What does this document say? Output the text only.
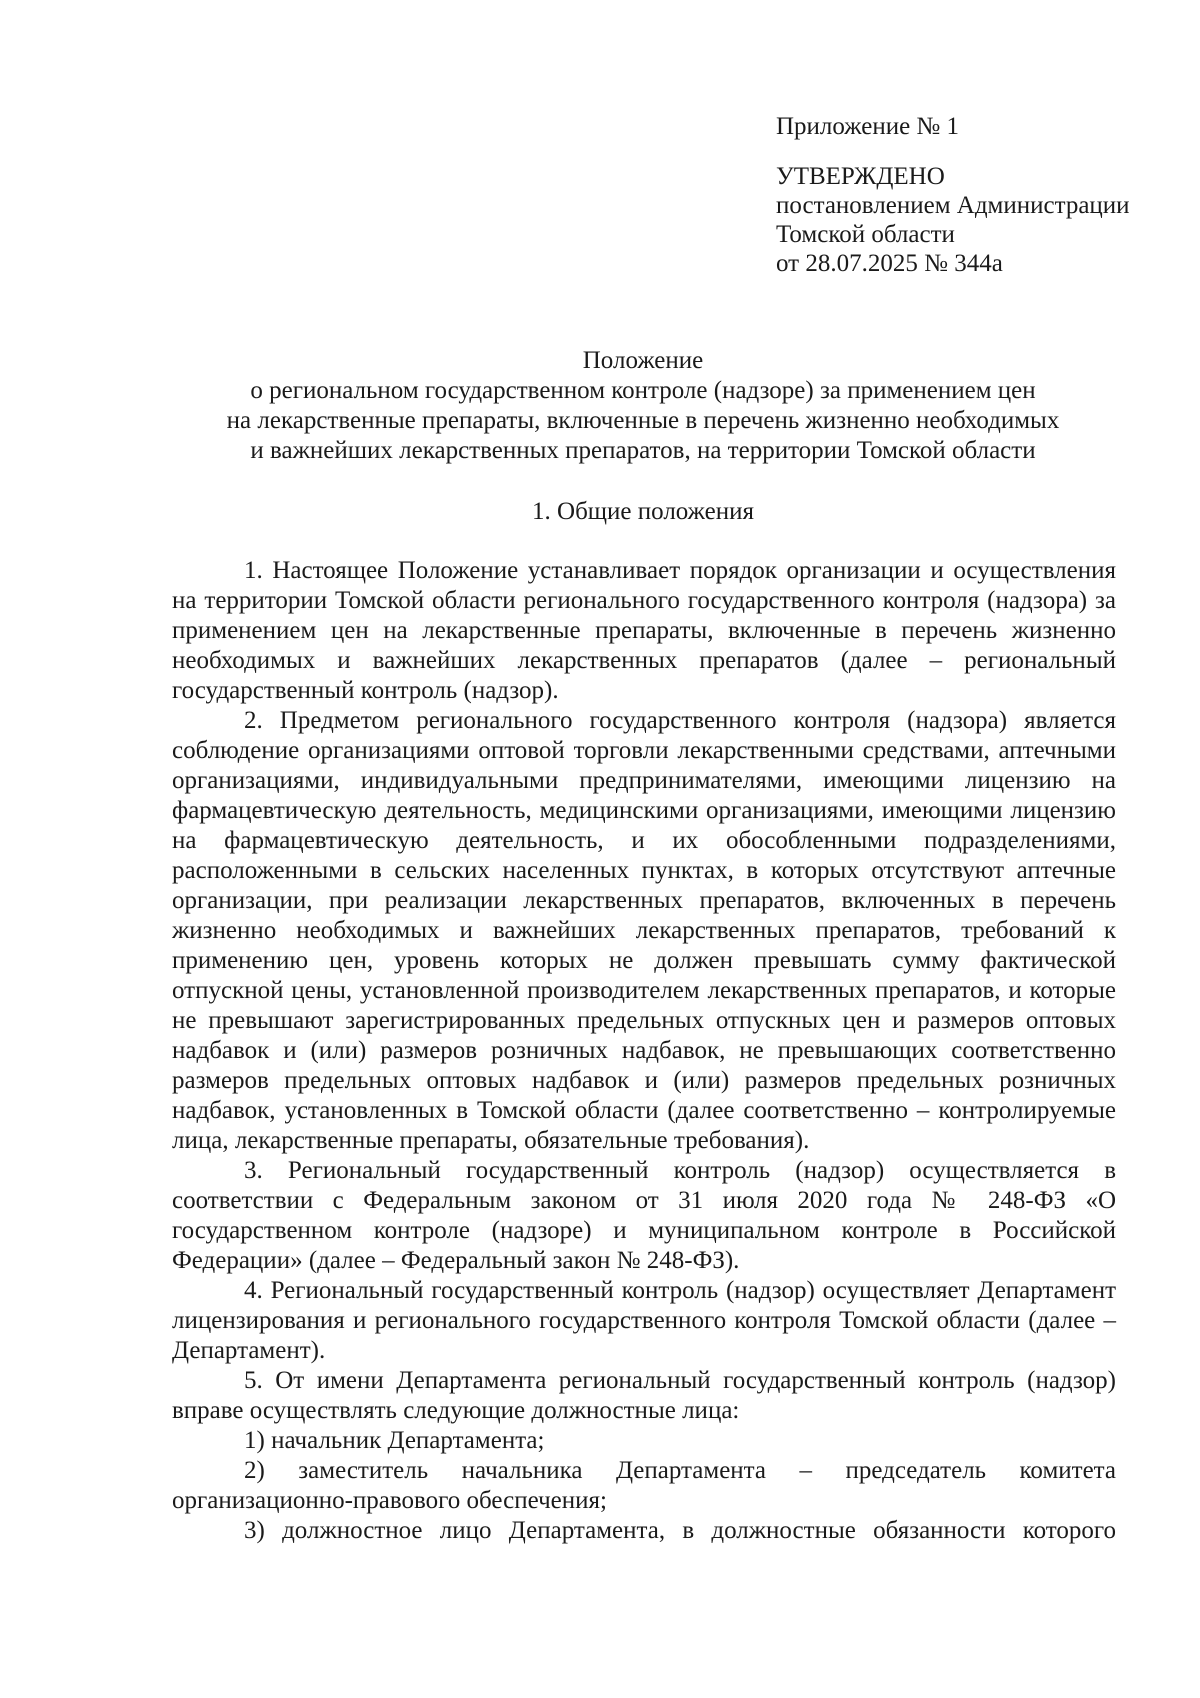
Приложение № 1
УТВЕРЖДЕНО
постановлением Администрации
Томской области
от 28.07.2025 № 344а
Положение
о региональном государственном контроле (надзоре) за применением цен
на лекарственные препараты, включенные в перечень жизненно необходимых
и важнейших лекарственных препаратов, на территории Томской области
1. Общие положения

1. Настоящее Положение устанавливает порядок организации и осуществления на территории Томской области регионального государственного контроля (надзора) за применением цен на лекарственные препараты, включенные в перечень жизненно необходимых и важнейших лекарственных препаратов (далее – региональный государственный контроль (надзор).

2. Предметом регионального государственного контроля (надзора) является соблюдение организациями оптовой торговли лекарственными средствами, аптечными организациями, индивидуальными предпринимателями, имеющими лицензию на фармацевтическую деятельность, медицинскими организациями, имеющими лицензию на фармацевтическую деятельность, и их обособленными подразделениями, расположенными в сельских населенных пунктах, в которых отсутствуют аптечные организации, при реализации лекарственных препаратов, включенных в перечень жизненно необходимых и важнейших лекарственных препаратов, требований к применению цен, уровень которых не должен превышать сумму фактической отпускной цены, установленной производителем лекарственных препаратов, и которые не превышают зарегистрированных предельных отпускных цен и размеров оптовых надбавок и (или) размеров розничных надбавок, не превышающих соответственно размеров предельных оптовых надбавок и (или) размеров предельных розничных надбавок, установленных в Томской области (далее соответственно – контролируемые лица, лекарственные препараты, обязательные требования).

3. Региональный государственный контроль (надзор) осуществляется в соответствии с Федеральным законом от 31 июля 2020 года № 248-ФЗ «О государственном контроле (надзоре) и муниципальном контроле в Российской Федерации» (далее – Федеральный закон № 248-ФЗ).

4. Региональный государственный контроль (надзор) осуществляет Департамент лицензирования и регионального государственного контроля Томской области (далее – Департамент).

5. От имени Департамента региональный государственный контроль (надзор) вправе осуществлять следующие должностные лица:

1) начальник Департамента;

2) заместитель начальника Департамента – председатель комитета организационно-правового обеспечения;

3) должностное лицо Департамента, в должностные обязанности которого
